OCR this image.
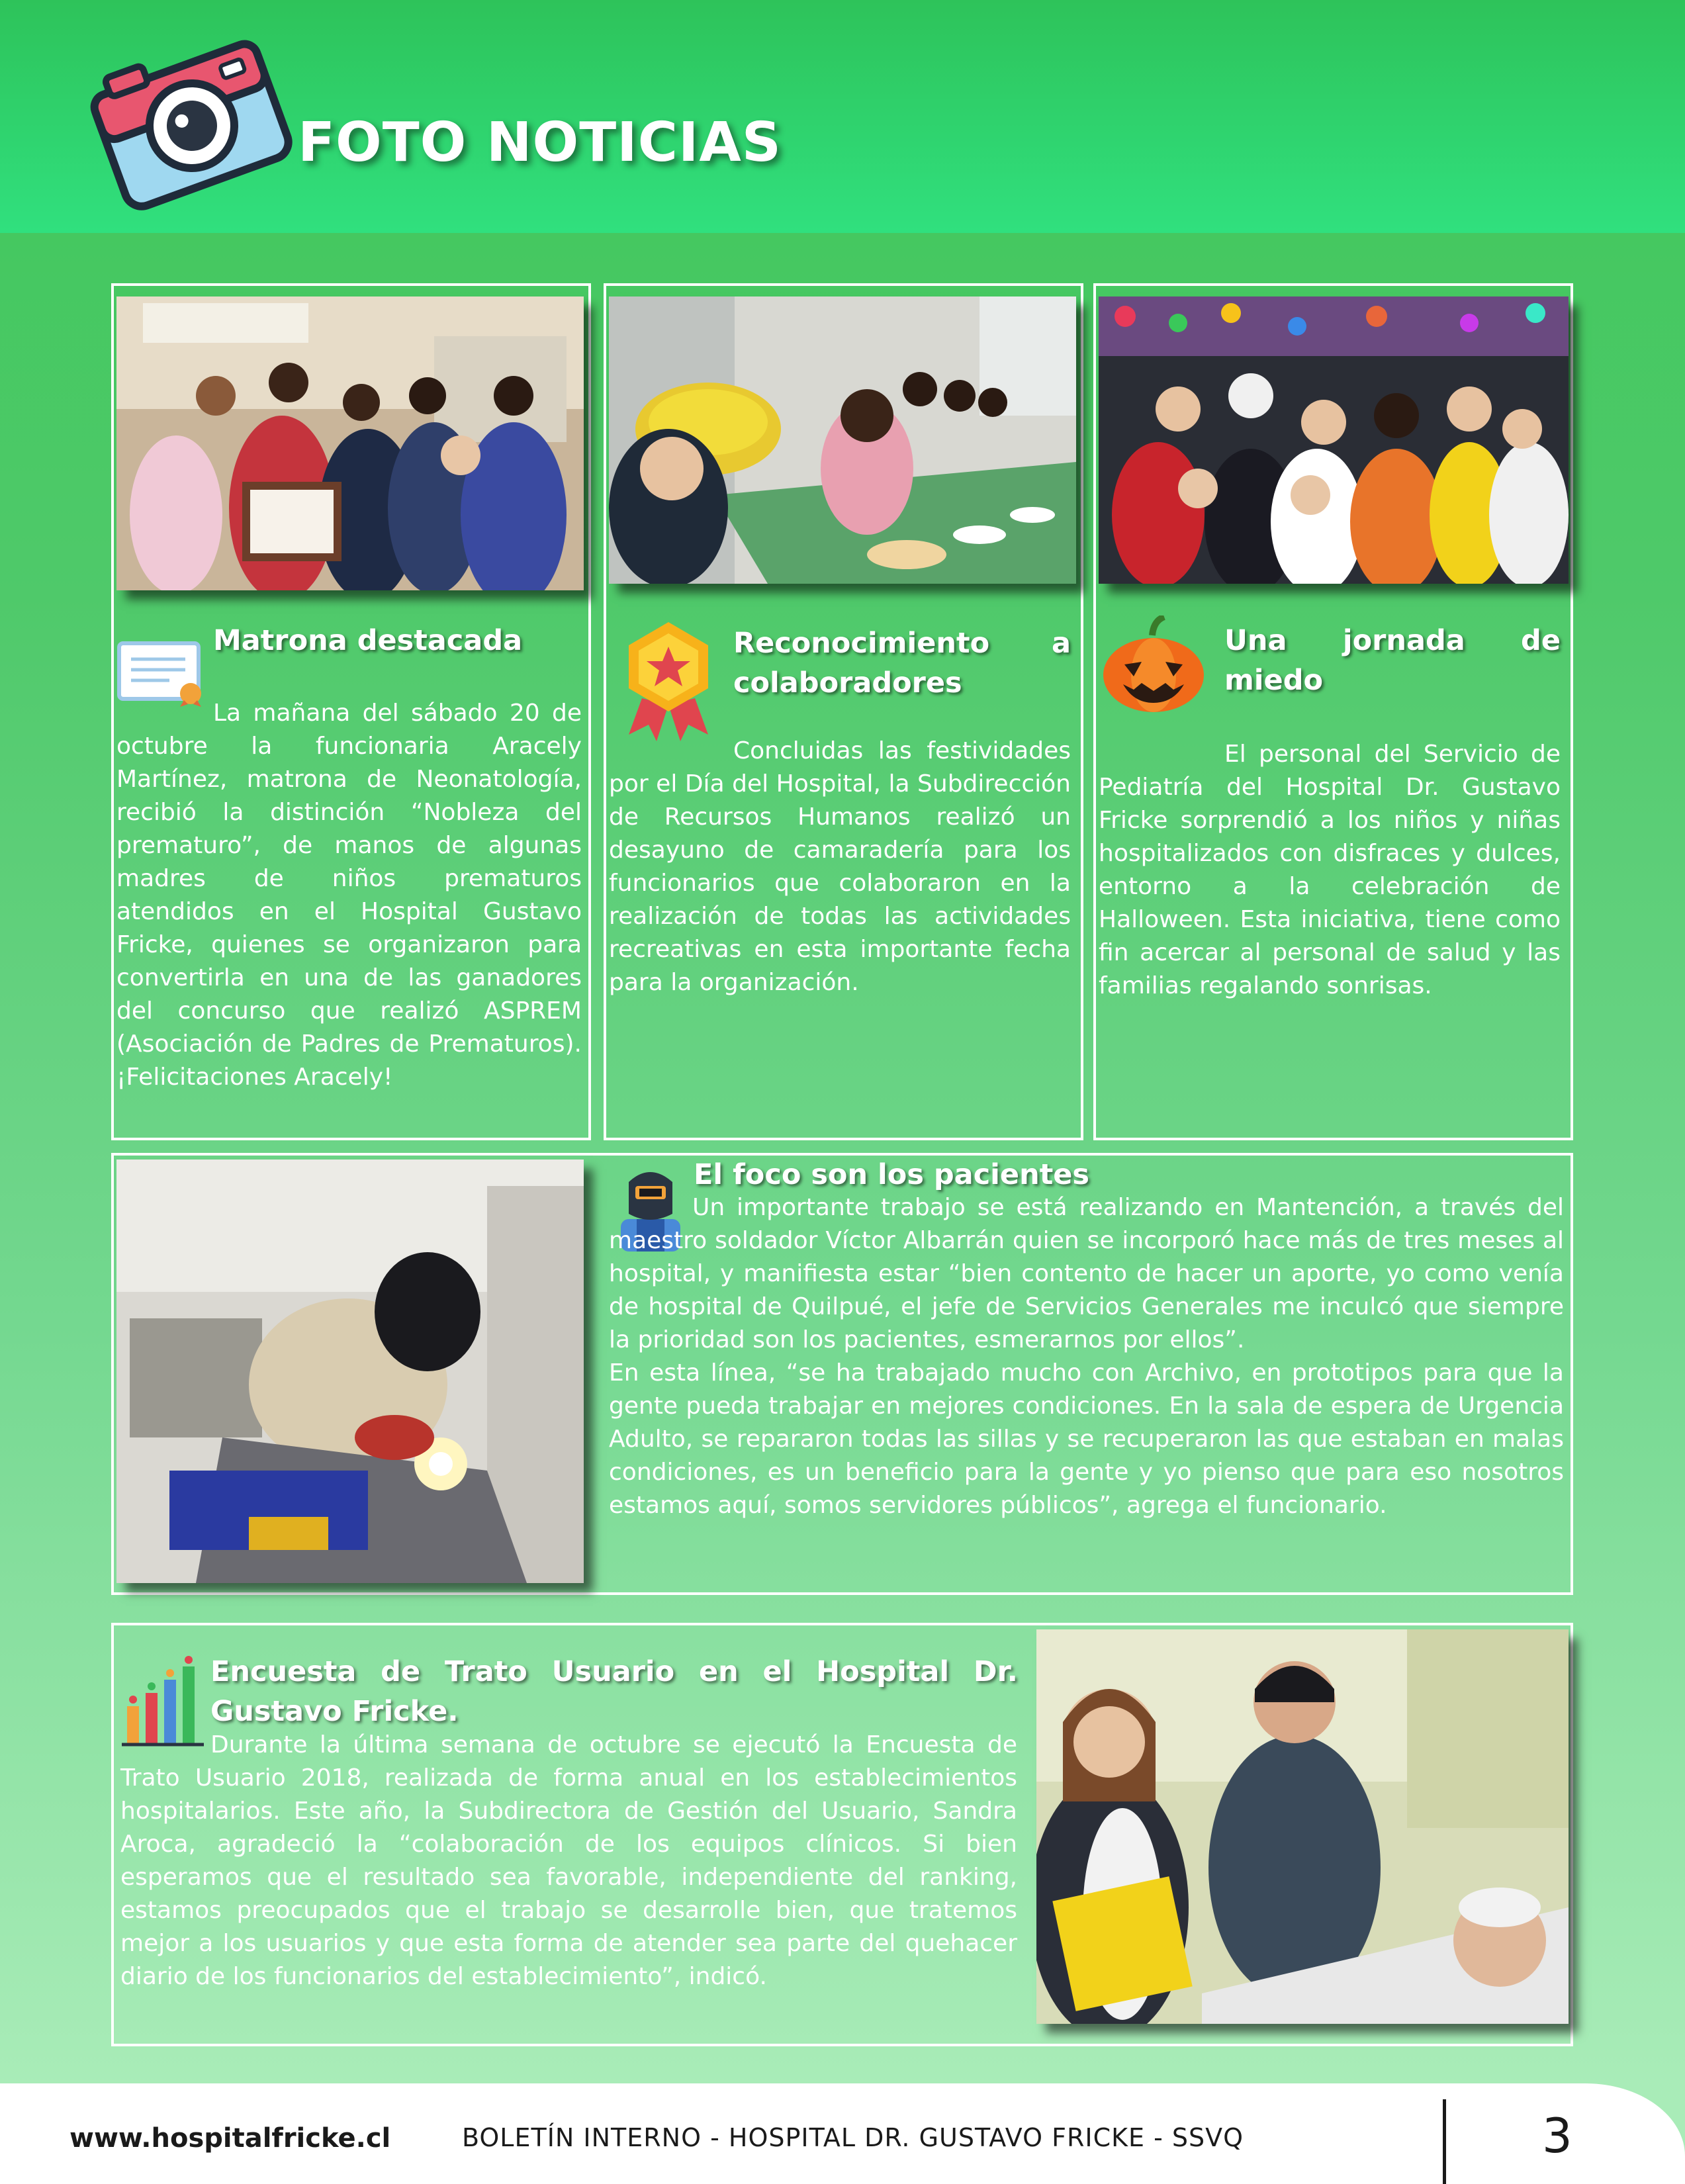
FOTO NOTICIAS
Matrona destacada

La mañana del sábado 20 de octubre la funcionaria Aracely Martínez, matrona de Neonatología, recibió la distinción “Nobleza del prematuro”, de manos de algunas madres de niños prematuros atendidos en el Hospital Gustavo Fricke, quienes se organizaron para convertirla en una de las ganadores del concurso que realizó ASPREM (Asociación de Padres de Prematuros). ¡Felicitaciones Aracely!

Reconocimiento a colaboradores

Concluidas las festividades por el Día del Hospital, la Subdirección de Recursos Humanos realizó un desayuno de camaradería para los funcionarios que colaboraron en la realización de todas las actividades recreativas en esta importante fecha para la organización.

Una jornada de miedo

El personal del Servicio de Pediatría del Hospital Dr. Gustavo Fricke sorprendió a los niños y niñas hospitalizados con disfraces y dulces, entorno a la celebración de Halloween. Esta iniciativa, tiene como fin acercar al personal de salud y las familias regalando sonrisas.

El foco son los pacientes

Un importante trabajo se está realizando en Mantención, a través del maestro soldador Víctor Albarrán quien se incorporó hace más de tres meses al hospital, y manifiesta estar “bien contento de hacer un aporte, yo como venía de hospital de Quilpué, el jefe de Servicios Generales me inculcó que siempre la prioridad son los pacientes, esmerarnos por ellos”.

En esta línea, “se ha trabajado mucho con Archivo, en prototipos para que la gente pueda trabajar en mejores condiciones. En la sala de espera de Urgencia Adulto, se repararon todas las sillas y se recuperaron las que estaban en malas condiciones, es un beneficio para la gente y yo pienso que para eso nosotros estamos aquí, somos servidores públicos”, agrega el funcionario.

Encuesta de Trato Usuario en el Hospital Dr. Gustavo Fricke.

Durante la última semana de octubre se ejecutó la Encuesta de Trato Usuario 2018, realizada de forma anual en los establecimientos hospitalarios. Este año, la Subdirectora de Gestión del Usuario, Sandra Aroca, agradeció la “colaboración de los equipos clínicos. Si bien esperamos que el resultado sea favorable, independiente del ranking, estamos preocupados que el trabajo se desarrolle bien, que tratemos mejor a los usuarios y que esta forma de atender sea parte del quehacer diario de los funcionarios del establecimiento”, indicó.

www.hospitalfricke.cl	BOLETÍN INTERNO - HOSPITAL DR. GUSTAVO FRICKE - SSVQ	3
